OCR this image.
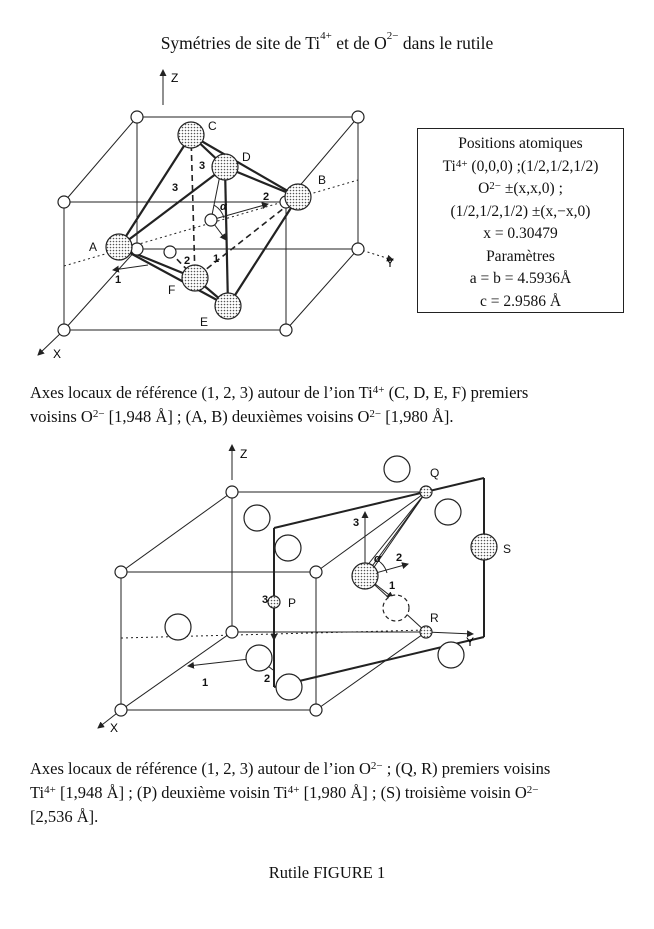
Symétries de site de $Ti^{4+}$ et de $O^{2-}$ dans le rutile
Z
Y
X
C
D
B
A
F
E
3
3
2
1
2
1
α
Positions atomiques
$Ti^{4+}$ (0,0,0) ;(1/2,1/2,1/2)
$O^{2-} \pm(x,x,0)$ ;
(1/2,1/2,1/2) ±(x,−x,0)
x = 0.30479
Paramètres
a = b = 4.5936Å
c = 2.9586 Å
Axes locaux de référence (1, 2, 3) autour de l’ion $Ti^{4+}$ (C, D, E, F) premiers
voisins $O^{2-}$ [1,948 Å] ; (A, B) deuxièmes voisins $O^{2-}$ [1,980 Å].
Z
Y
X
Q
R
P
S
3
2
1
3
2
1
α
Axes locaux de référence (1, 2, 3) autour de l’ion $O^{2-}$ ; (Q, R) premiers voisins
$Ti^{4+}$ [1,948 Å] ; (P) deuxième voisin $Ti^{4+}$ [1,980 Å] ; (S) troisième voisin $O^{2-}$
[2,536 Å].
Rutile FIGURE 1
